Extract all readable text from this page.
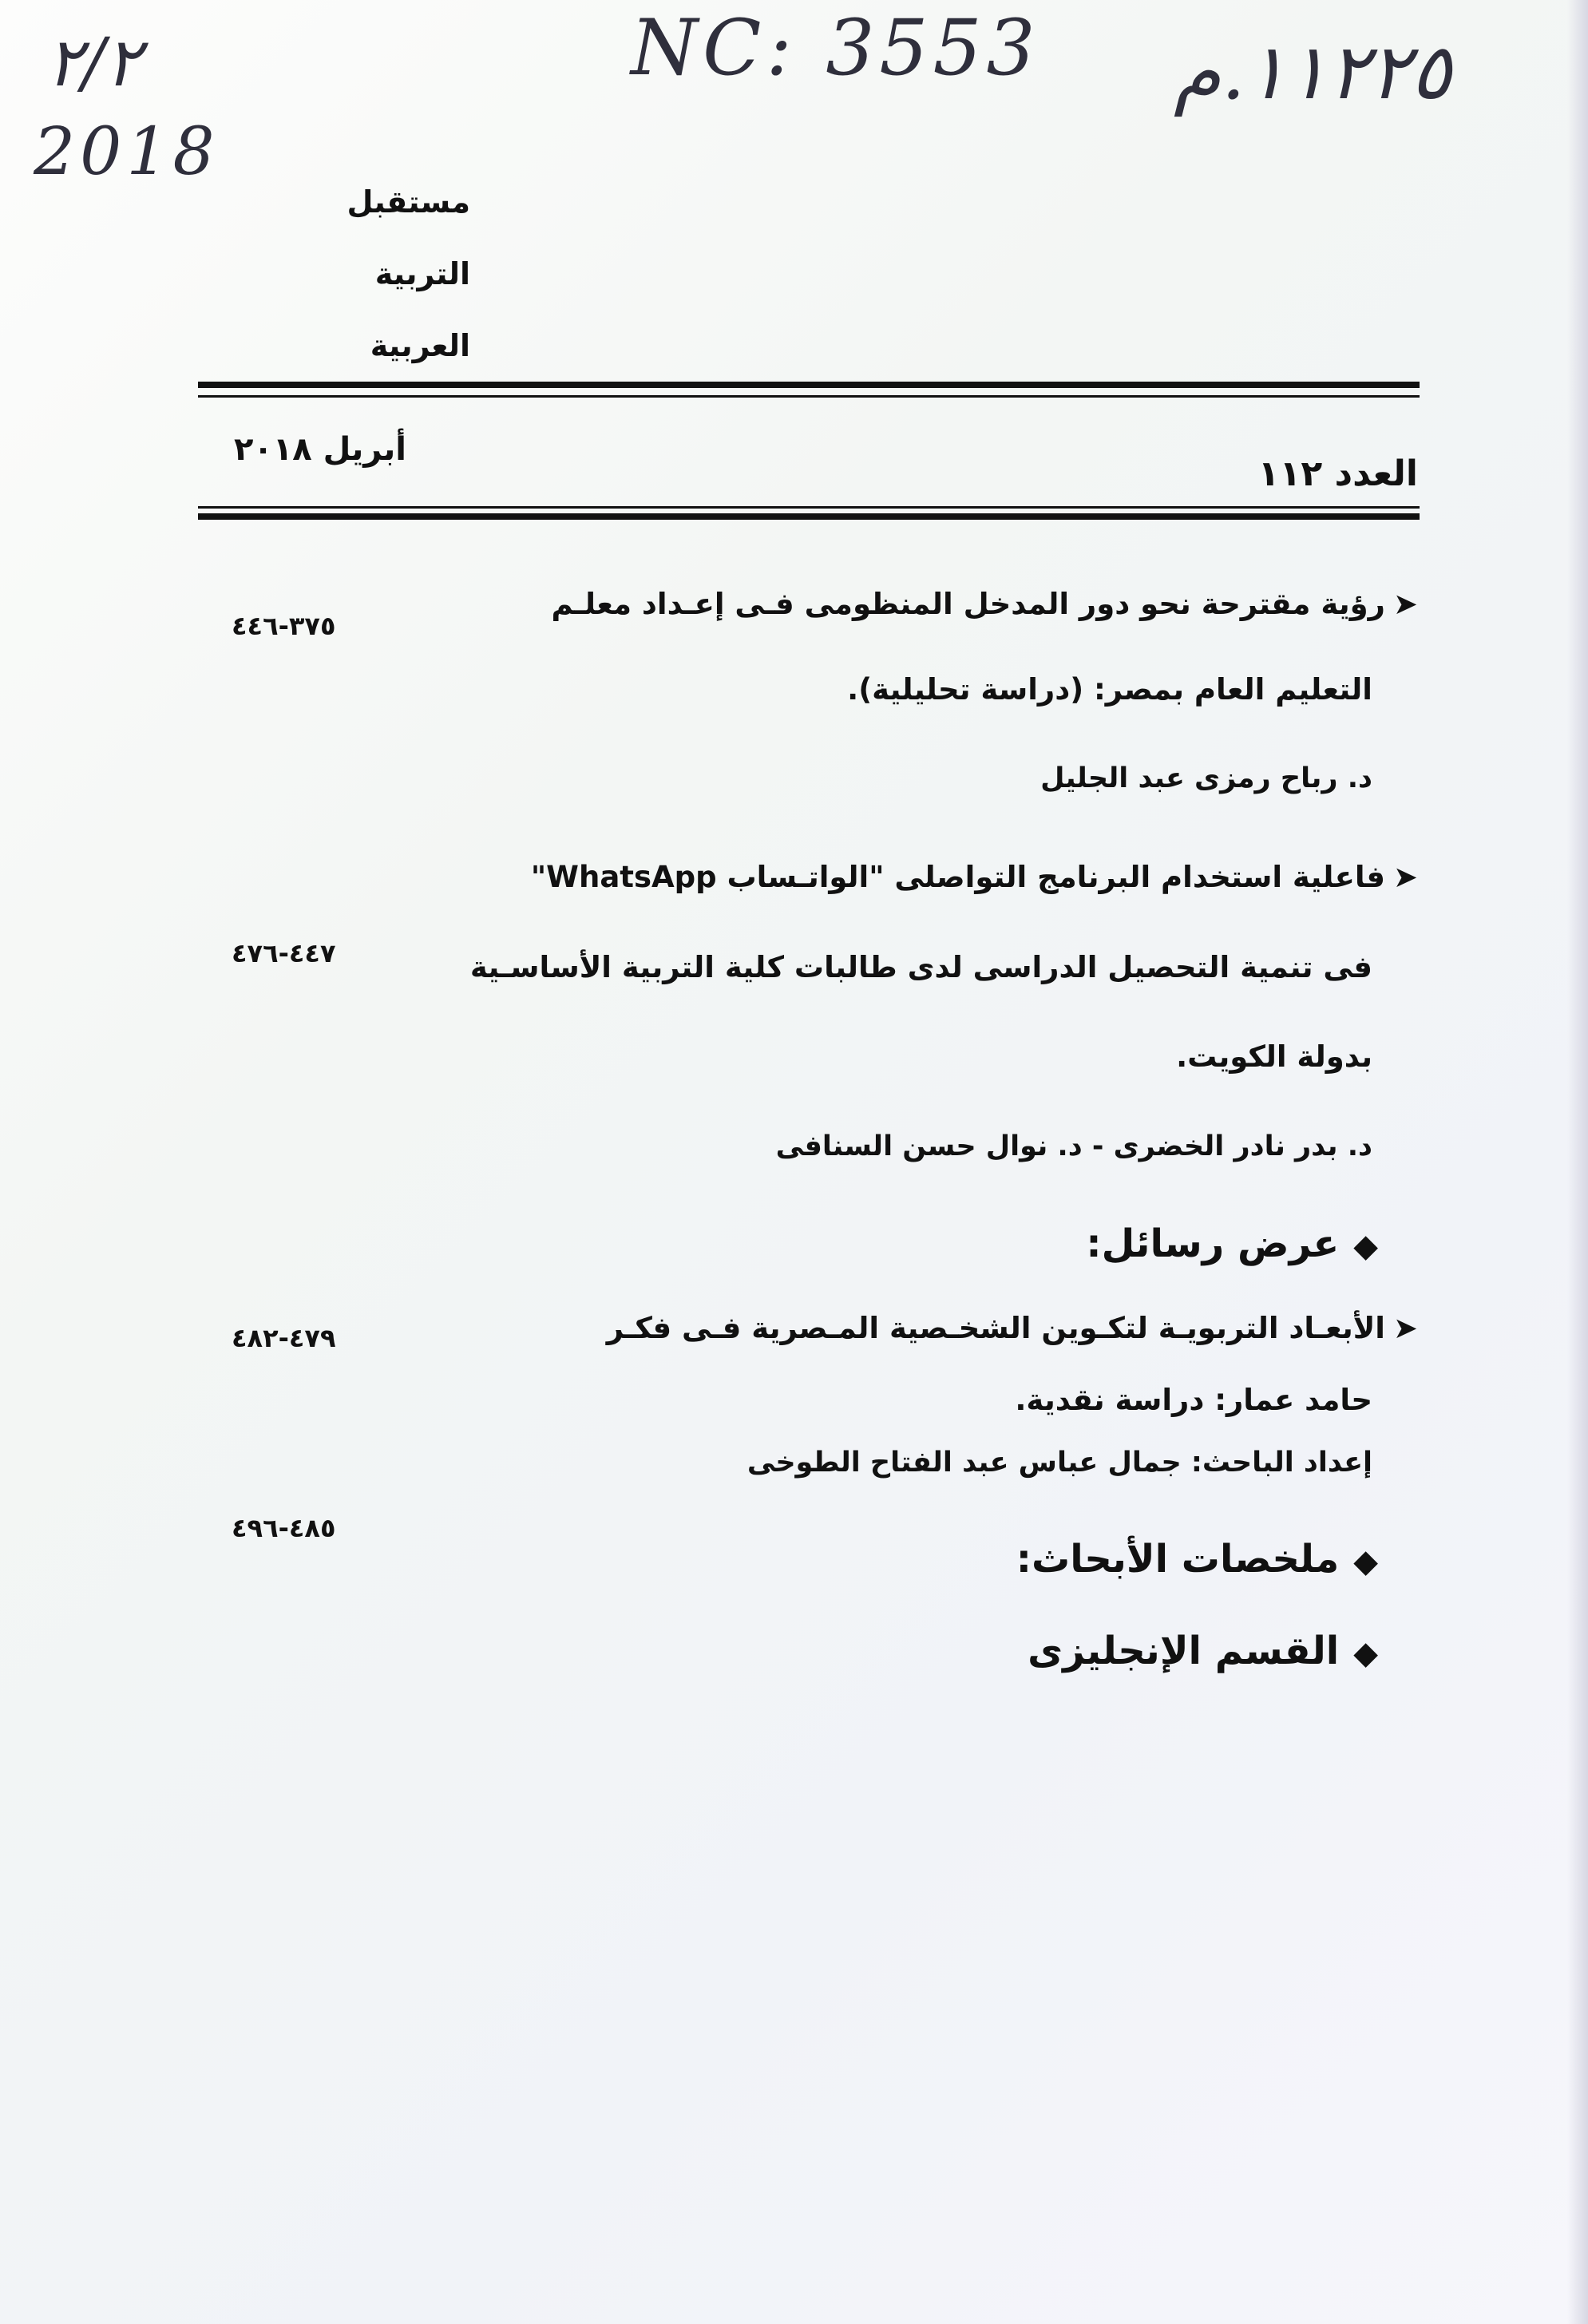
٢/٢
2018
NC: 3553 ١١٢٢٥.م
مستقبل
التربية
العربية
العدد ١١٢
أبريل ٢٠١٨
➤رؤية مقترحة نحو دور المدخل المنظومى فـى إعـداد معلـم
٣٧٥-٤٤٦
التعليم العام بمصر: (دراسة تحليلية).
د. رباح رمزى عبد الجليل
➤فاعلية استخدام البرنامج التواصلى "الواتـساب WhatsApp"
٤٤٧-٤٧٦	فى تنمية التحصيل الدراسى لدى طالبات كلية التربية الأساسـية
بدولة الكويت.
د. بدر نادر الخضرى - د. نوال حسن السنافى
◆عرض رسائل:
➤الأبعـاد التربويـة لتكـوين الشخـصية المـصرية فـى فكـر
٤٧٩-٤٨٢
حامد عمار: دراسة نقدية.
إعداد الباحث: جمال عباس عبد الفتاح الطوخى
٤٨٥-٤٩٦
◆ملخصات الأبحاث:
◆القسم الإنجليزى
